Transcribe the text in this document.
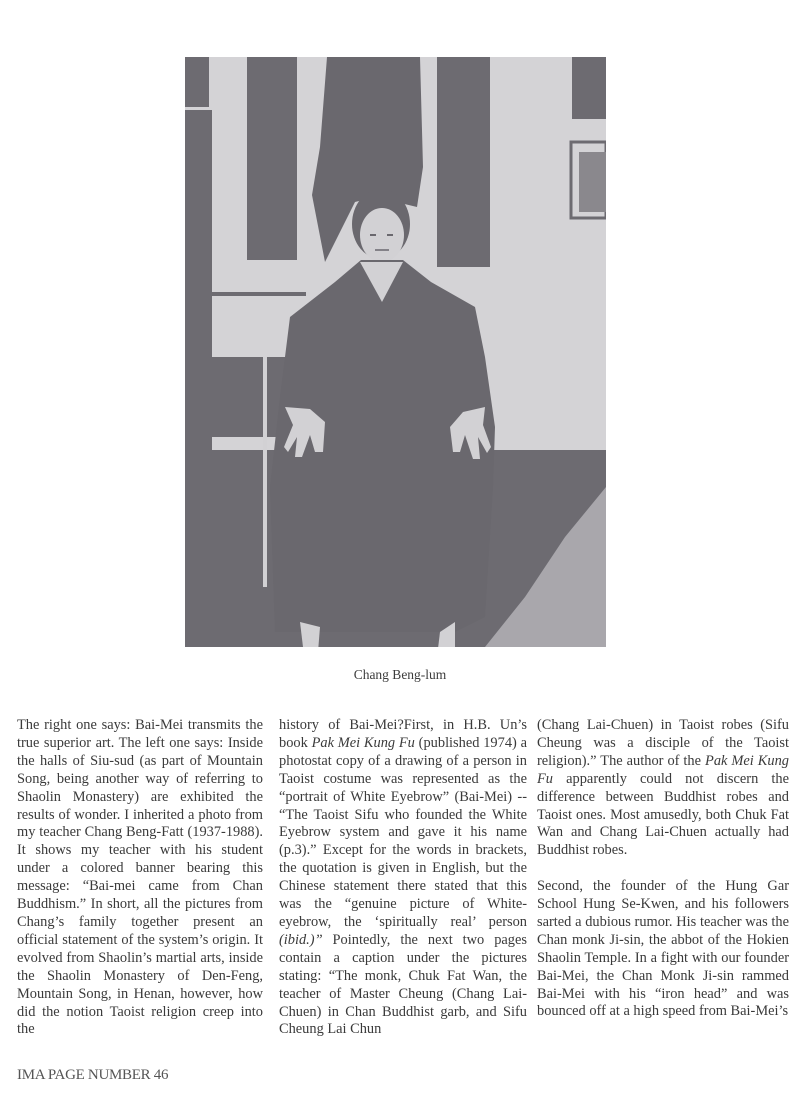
Chang Beng-lum

The right one says: Bai-Mei transmits the true superior art. The left one says: Inside the halls of Siu-sud (as part of Mountain Song, being another way of referring to Shaolin Monastery) are exhibited the results of wonder. I inherited a photo from my teacher Chang Beng-Fatt (1937-1988). It shows my teacher with his student under a colored banner bearing this message: “Bai-mei came from Chan Buddhism.” In short, all the pictures from Chang’s family together present an official statement of the system’s origin. It evolved from Shaolin’s martial arts, inside the Shaolin Monastery of Den-Feng, Mountain Song, in Henan, however, how did the notion Taoist religion creep into the

history of Bai-Mei?First, in H.B. Un’s book Pak Mei Kung Fu (published 1974) a photostat copy of a drawing of a person in Taoist costume was represented as the “portrait of White Eyebrow” (Bai-Mei) -- “The Taoist Sifu who founded the White Eyebrow system and gave it his name (p.3).” Except for the words in brackets, the quotation is given in English, but the Chinese statement there stated that this was the “genuine picture of White-eyebrow, the ‘spiritually real’ person (ibid.)” Pointedly, the next two pages contain a caption under the pictures stating: “The monk, Chuk Fat Wan, the teacher of Master Cheung (Chang Lai-Chuen) in Chan Buddhist garb, and Sifu Cheung Lai Chun

(Chang Lai-Chuen) in Taoist robes (Sifu Cheung was a disciple of the Taoist religion).” The author of the Pak Mei Kung Fu apparently could not discern the difference between Buddhist robes and Taoist ones. Most amusedly, both Chuk Fat Wan and Chang Lai-Chuen actually had Buddhist robes.

Second, the founder of the Hung Gar School Hung Se-Kwen, and his followers sarted a dubious rumor. His teacher was the Chan monk Ji-sin, the abbot of the Hokien Shaolin Temple. In a fight with our founder Bai-Mei, the Chan Monk Ji-sin rammed Bai-Mei with his “iron head” and was bounced off at a high speed from Bai-Mei’s

IMA PAGE NUMBER 46
